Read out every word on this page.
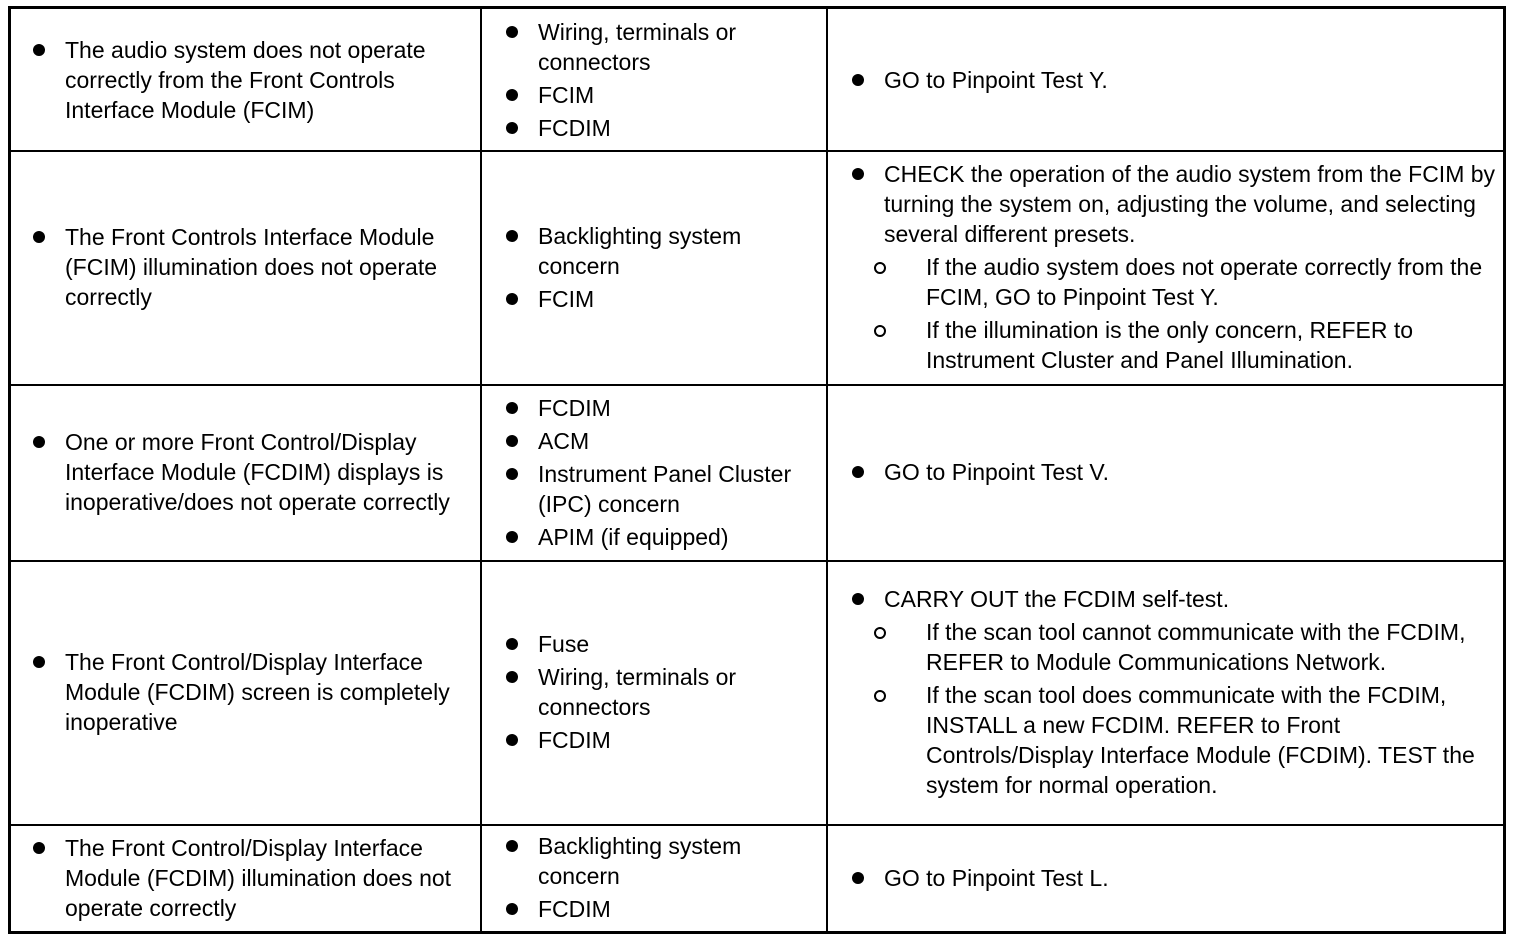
The audio system does not operate correctly from the Front Controls Interface Module (FCIM)
Wiring, terminals or connectors
FCIM
FCDIM
GO to Pinpoint Test Y.
The Front Controls Interface Module (FCIM) illumination does not operate correctly
Backlighting system concern
FCIM
CHECK the operation of the audio system from the FCIM by turning the system on, adjusting the volume, and selecting several different presets.
If the audio system does not operate correctly from the FCIM, GO to Pinpoint Test Y.
If the illumination is the only concern, REFER to Instrument Cluster and Panel Illumination.
One or more Front Control/Display Interface Module (FCDIM) displays is inoperative/does not operate correctly
FCDIM
ACM
Instrument Panel Cluster (IPC) concern
APIM (if equipped)
GO to Pinpoint Test V.
The Front Control/Display Interface Module (FCDIM) screen is completely inoperative
Fuse
Wiring, terminals or connectors
FCDIM
CARRY OUT the FCDIM self-test.
If the scan tool cannot communicate with the FCDIM, REFER to Module Communications Network.
If the scan tool does communicate with the FCDIM, INSTALL a new FCDIM. REFER to Front Controls/Display Interface Module (FCDIM). TEST the system for normal operation.
The Front Control/Display Interface Module (FCDIM) illumination does not operate correctly
Backlighting system concern
FCDIM
GO to Pinpoint Test L.
